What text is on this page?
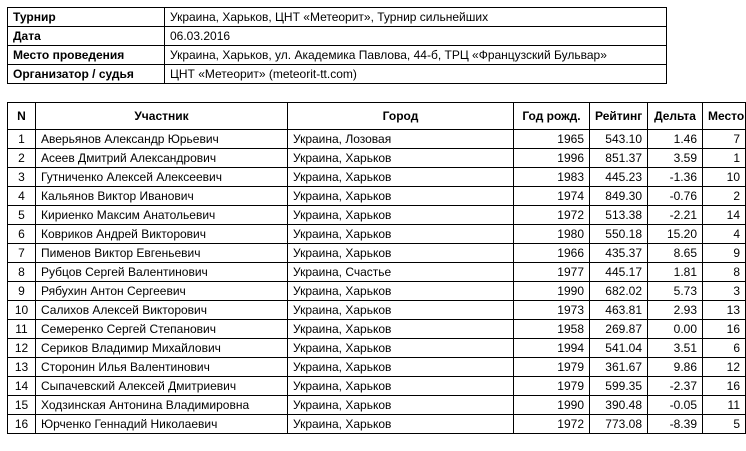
Турнир	Украина, Харьков, ЦНТ «Метеорит», Турнир сильнейших
Дата	06.03.2016
Место проведения	Украина, Харьков, ул. Академика Павлова, 44-б, ТРЦ «Французский Бульвар»
Организатор / судья	ЦНТ «Метеорит» (meteorit-tt.com)
N	Участник	Город	Год рожд.	Рейтинг	Дельта	Место
1	Аверьянов Александр Юрьевич	Украина, Лозовая	1965	543.10	1.46	7
2	Асеев Дмитрий Александрович	Украина, Харьков	1996	851.37	3.59	1
3	Гутниченко Алексей Алексеевич	Украина, Харьков	1983	445.23	-1.36	10
4	Кальянов Виктор Иванович	Украина, Харьков	1974	849.30	-0.76	2
5	Кириенко Максим Анатольевич	Украина, Харьков	1972	513.38	-2.21	14
6	Ковриков Андрей Викторович	Украина, Харьков	1980	550.18	15.20	4
7	Пименов Виктор Евгеньевич	Украина, Харьков	1966	435.37	8.65	9
8	Рубцов Сергей Валентинович	Украина, Счастье	1977	445.17	1.81	8
9	Рябухин Антон Сергеевич	Украина, Харьков	1990	682.02	5.73	3
10	Салихов Алексей Викторович	Украина, Харьков	1973	463.81	2.93	13
11	Семеренко Сергей Степанович	Украина, Харьков	1958	269.87	0.00	16
12	Сериков Владимир Михайлович	Украина, Харьков	1994	541.04	3.51	6
13	Сторонин Илья Валентинович	Украина, Харьков	1979	361.67	9.86	12
14	Сыпачевский Алексей Дмитриевич	Украина, Харьков	1979	599.35	-2.37	16
15	Ходзинская Антонина Владимировна	Украина, Харьков	1990	390.48	-0.05	11
16	Юрченко Геннадий Николаевич	Украина, Харьков	1972	773.08	-8.39	5
